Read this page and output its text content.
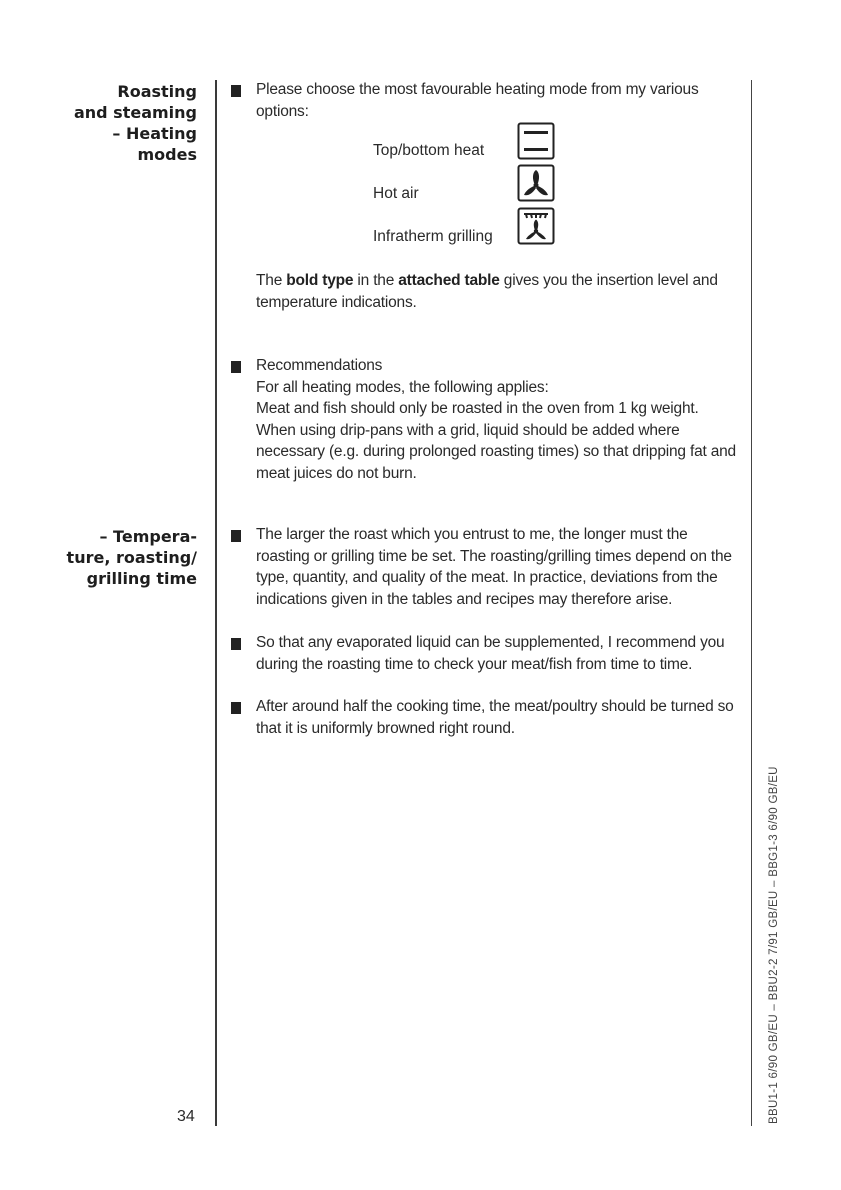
Roasting
and steaming
– Heating
modes
– Tempera-
ture, roasting/
grilling time
Please choose the most favourable heating mode from my various options:
Top/bottom heat
Hot air
Infratherm grilling
The bold type in the attached table gives you the insertion level and temperature indications.
Recommendations
For all heating modes, the following applies:
Meat and fish should only be roasted in the oven from 1 kg weight. When using drip-pans with a grid, liquid should be added where necessary (e.g. during prolonged roasting times) so that dripping fat and meat juices do not burn.
The larger the roast which you entrust to me, the longer must the roasting or grilling time be set. The roasting/grilling times depend on the type, quantity, and quality of the meat. In practice, deviations from the indications given in the tables and recipes may therefore arise.
So that any evaporated liquid can be supplemented, I recommend you during the roasting time to check your meat/fish from time to time.
After around half the cooking time, the meat/poultry should be turned so that it is uniformly browned right round.
34	BBU1-1 6/90 GB/EU – BBU2-2 7/91 GB/EU – BBG1-3 6/90 GB/EU
